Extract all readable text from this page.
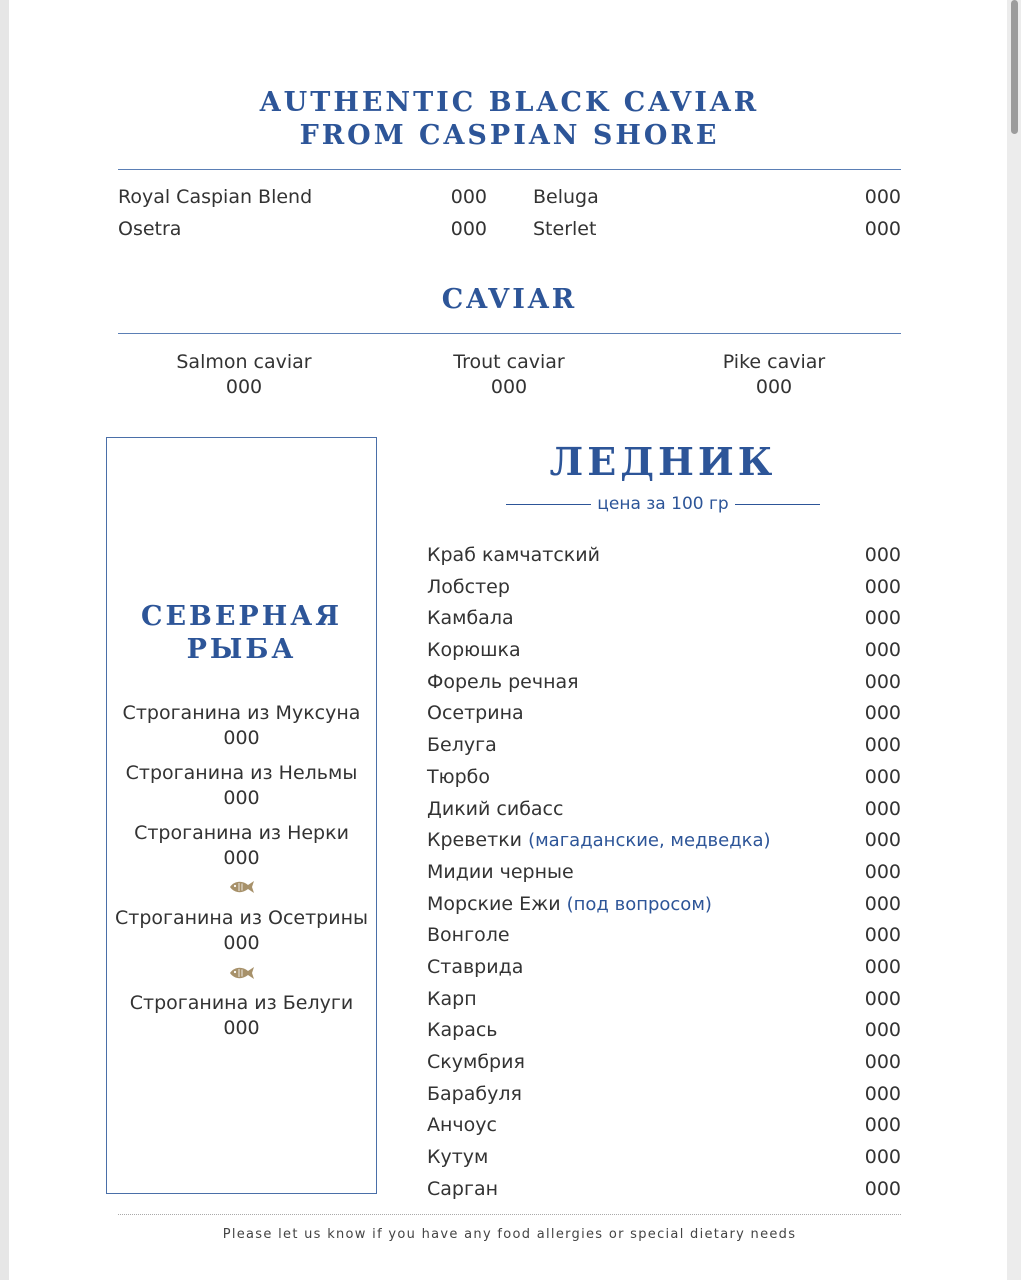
AUTHENTIC BLACK CAVIAR
FROM CASPIAN SHORE
Royal Caspian Blend	000 Beluga	000
Osetra	000 Sterlet	000
CAVIAR
Salmon caviar
000
Trout caviar
000
Pike caviar
000
СЕВЕРНАЯ
РЫБА
Строганина из Муксуна
000
Строганина из Нельмы
000
Строганина из Нерки
000
Строганина из Осетрины
000
Строганина из Белуги
000
ЛЕДНИК
цена за 100 гр
Краб камчатский	000
Лобстер	000
Камбала	000
Корюшка	000
Форель речная	000
Осетрина	000
Белуга	000
Тюрбо	000
Дикий сибасс	000
Креветки (магаданские, медведка)	000
Мидии черные	000
Морские Ежи (под вопросом)	000
Вонголе	000
Ставрида	000
Карп	000
Карась	000
Скумбрия	000
Барабуля	000
Анчоус	000
Кутум	000
Сарган	000
Please let us know if you have any food allergies or special dietary needs
